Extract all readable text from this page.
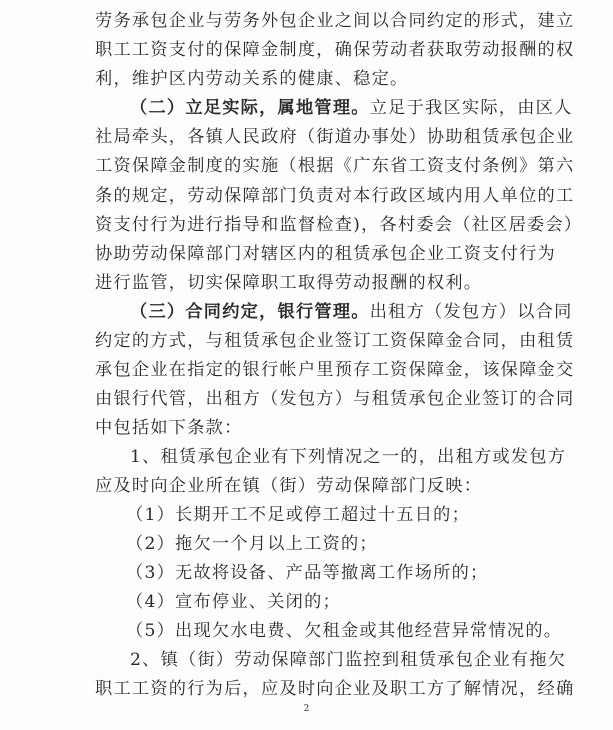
劳务承包企业与劳务外包企业之间以合同约定的形式，建立
职工工资支付的保障金制度，确保劳动者获取劳动报酬的权
利，维护区内劳动关系的健康、稳定。
（二）立足实际，属地管理。立足于我区实际，由区人
社局牵头，各镇人民政府（街道办事处）协助租赁承包企业
工资保障金制度的实施（根据《广东省工资支付条例》第六
条的规定，劳动保障部门负责对本行政区域内用人单位的工
资支付行为进行指导和监督检查)，各村委会（社区居委会）
协助劳动保障部门对辖区内的租赁承包企业工资支付行为
进行监管，切实保障职工取得劳动报酬的权利。
（三）合同约定，银行管理。出租方（发包方）以合同
约定的方式，与租赁承包企业签订工资保障金合同，由租赁
承包企业在指定的银行帐户里预存工资保障金，该保障金交
由银行代管，出租方（发包方）与租赁承包企业签订的合同
中包括如下条款：
1、租赁承包企业有下列情况之一的，出租方或发包方
应及时向企业所在镇（街）劳动保障部门反映：
（1）长期开工不足或停工超过十五日的；
（2）拖欠一个月以上工资的；
（3）无故将设备、产品等撤离工作场所的；
（4）宣布停业、关闭的；
（5）出现欠水电费、欠租金或其他经营异常情况的。
2、镇（街）劳动保障部门监控到租赁承包企业有拖欠
职工工资的行为后，应及时向企业及职工方了解情况，经确
2
